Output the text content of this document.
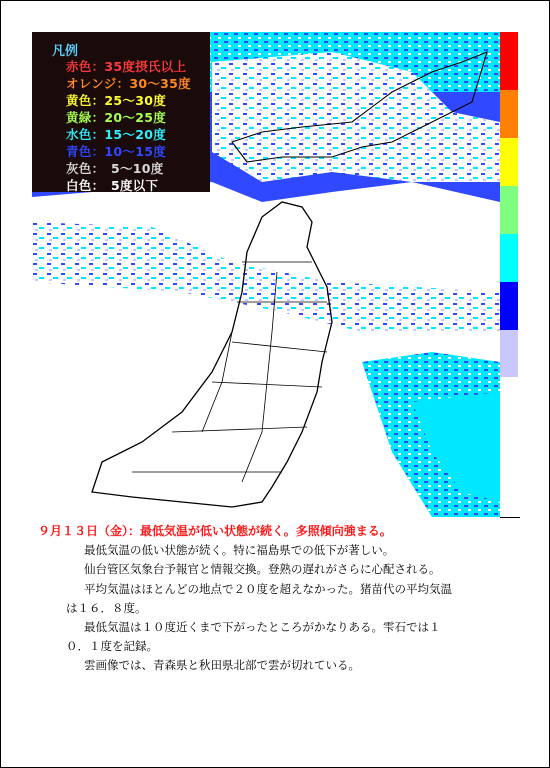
凡例
赤色：35度摂氏以上
オレンジ：30～35度
黄色：25～30度
黄緑：20～25度
水色：15～20度
青色：10～15度
灰色：　5～10度
白色：　5度以下
９月１３日（金）：最低気温が低い状態が続く。多照傾向強まる。
最低気温の低い状態が続く。特に福島県での低下が著しい。
仙台管区気象台予報官と情報交換。登熟の遅れがさらに心配される。
平均気温はほとんどの地点で２０度を超えなかった。猪苗代の平均気温
は１６．８度。
最低気温は１０度近くまで下がったところがかなりある。雫石では１
０．１度を記録。
雲画像では、青森県と秋田県北部で雲が切れている。
